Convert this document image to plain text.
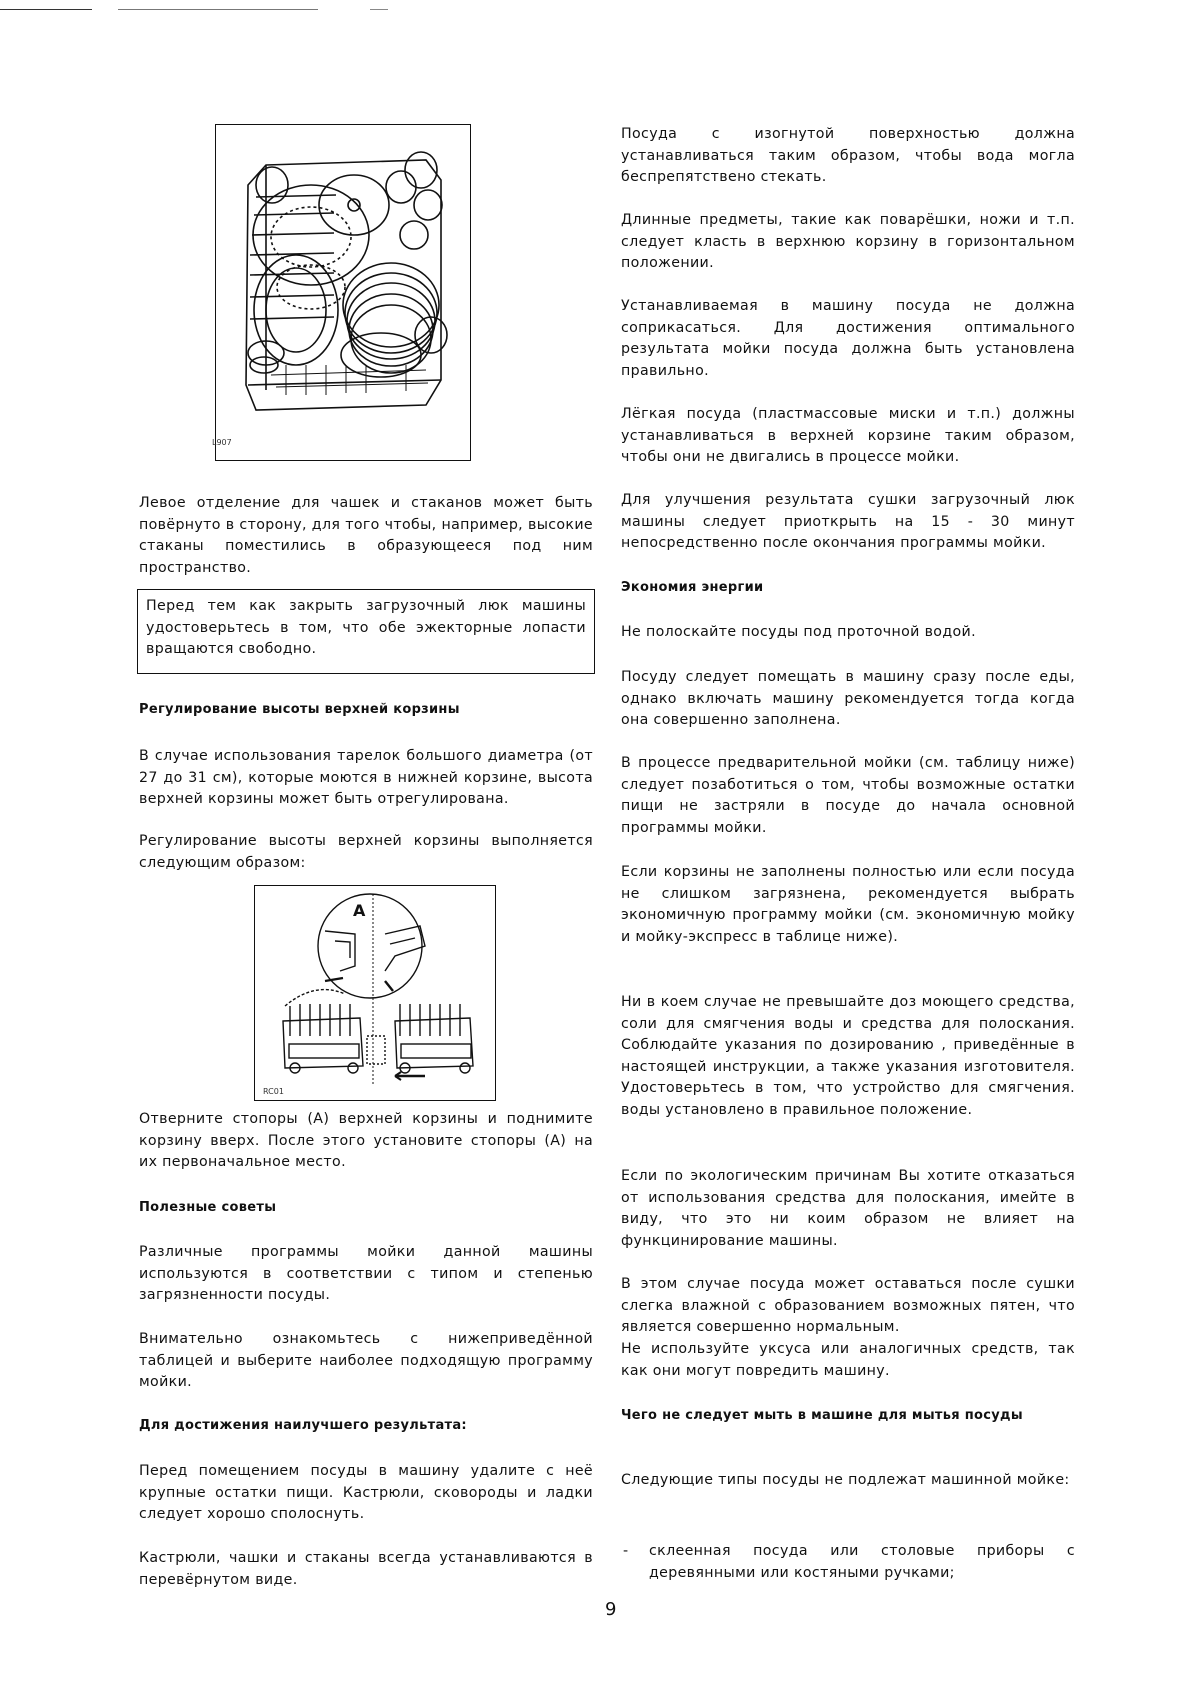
L907

Левое отделение для чашек и стаканов может быть повёрнуто в сторону, для того чтобы, например, высокие стаканы поместились в образующееся под ним пространство.

Перед тем как закрыть загрузочный люк машины удостоверьтесь в том, что обе эжекторные лопасти вращаются свободно.

Регулирование высоты верхней корзины

В случае использования тарелок большого диаметра (от 27 до 31 см), которые моются в нижней корзине, высота верхней корзины может быть отрегулирована.

Регулирование высоты верхней корзины выполняется следующим образом:

A
RC01

Отверните стопоры (А) верхней корзины и поднимите корзину вверх. После этого установите стопоры (А) на их первоначальное место.

Полезные советы

Различные программы мойки данной машины используются в соответствии с типом и степенью загрязненности посуды.

Внимательно ознакомьтесь с нижеприведённой таблицей и выберите наиболее подходящую программу мойки.

Для достижения наилучшего результата:

Перед помещением посуды в машину удалите с неё крупные остатки пищи. Кастрюли, сковороды и ладки следует хорошо сполоснуть.

Кастрюли, чашки и стаканы всегда устанавливаются в перевёрнутом виде.

Посуда с изогнутой поверхностью должна устанавливаться таким образом, чтобы вода могла беспрепятствено стекать.

Длинные предметы, такие как поварёшки, ножи и т.п. следует класть в верхнюю корзину в горизонтальном положении.

Устанавливаемая в машину посуда не должна соприкасаться. Для достижения оптимального результата мойки посуда должна быть установлена правильно.

Лёгкая посуда (пластмассовые миски и т.п.) должны устанавливаться в верхней корзине таким образом, чтобы они не двигались в процессе мойки.

Для улучшения результата сушки загрузочный люк машины следует приоткрыть на 15 - 30 минут непосредственно после окончания программы мойки.

Экономия энергии

Не полоскайте посуды под проточной водой.

Посуду следует помещать в машину сразу после еды, однако включать машину рекомендуется тогда когда она совершенно заполнена.

В процессе предварительной мойки (см. таблицу ниже) следует позаботиться о том, чтобы возможные остатки пищи не застряли в посуде до начала основной программы мойки.

Если корзины не заполнены полностью или если посуда не слишком загрязнена, рекомендуется выбрать экономичную программу мойки (см. экономичную мойку и мойку-экспресс в таблице ниже).

Ни в коем случае не превышайте доз моющего средства, соли для смягчения воды и средства для полоскания. Соблюдайте указания по дозированию , приведённые в настоящей инструкции, а также указания изготовителя. Удостоверьтесь в том, что устройство для смягчения. воды установлено в правильное положение.

Если по экологическим причинам Вы хотите отказаться от использования средства для полоскания, имейте в виду, что это ни коим образом не влияет на функцинирование машины.

В этом случае посуда может оставаться после сушки слегка влажной с образованием возможных пятен, что является совершенно нормальным.

Не используйте уксуса или аналогичных средств, так как они могут повредить машину.

Чего не следует мыть в машине для мытья посуды

Следующие типы посуды не подлежат машинной мойке:

- склеенная посуда или столовые приборы с деревянными или костяными ручками;

9
